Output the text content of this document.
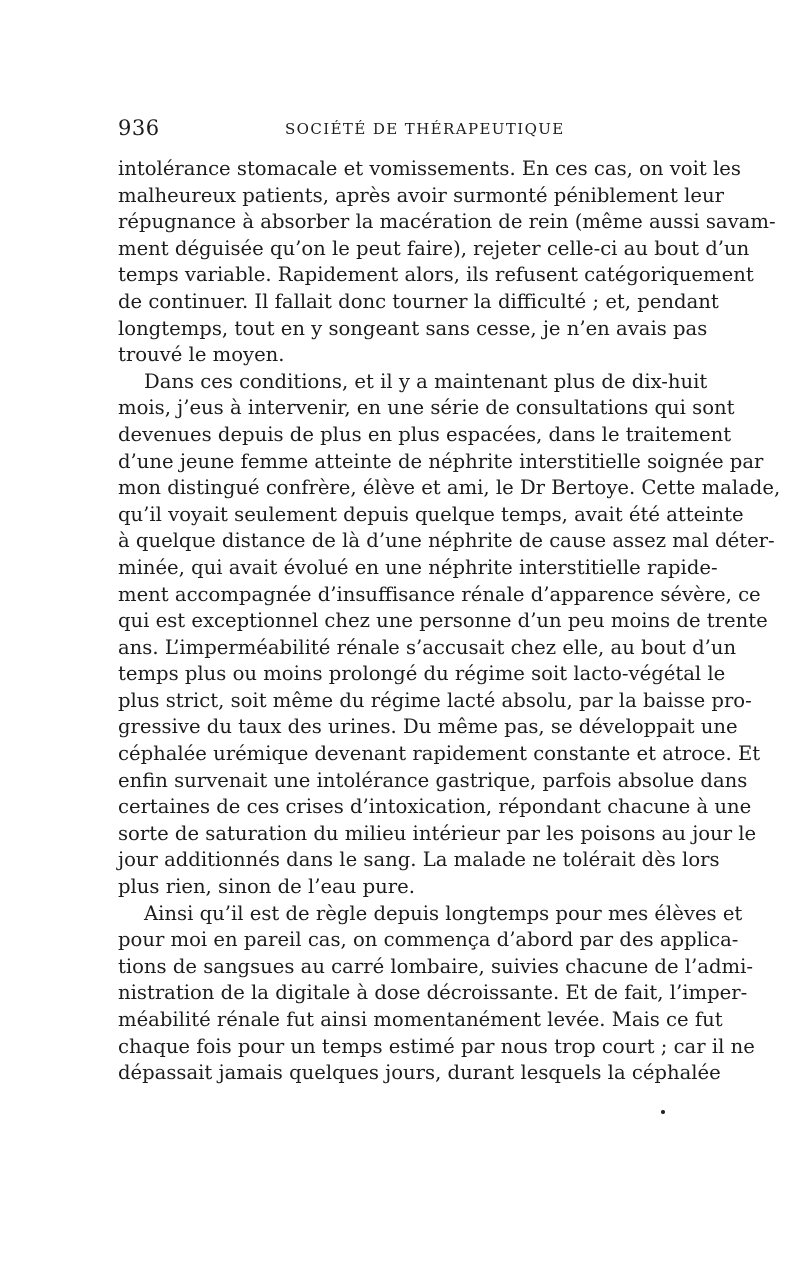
936	SOCIÉTÉ DE THÉRAPEUTIQUE
intolérance stomacale et vomissements. En ces cas, on voit les
malheureux patients, après avoir surmonté péniblement leur
répugnance à absorber la macération de rein (même aussi savam-
ment déguisée qu’on le peut faire), rejeter celle-ci au bout d’un
temps variable. Rapidement alors, ils refusent catégoriquement
de continuer. Il fallait donc tourner la difficulté ; et, pendant
longtemps, tout en y songeant sans cesse, je n’en avais pas
trouvé le moyen.
Dans ces conditions, et il y a maintenant plus de dix-huit
mois, j’eus à intervenir, en une série de consultations qui sont
devenues depuis de plus en plus espacées, dans le traitement
d’une jeune femme atteinte de néphrite interstitielle soignée par
mon distingué confrère, élève et ami, le Dr Bertoye. Cette malade,
qu’il voyait seulement depuis quelque temps, avait été atteinte
à quelque distance de là d’une néphrite de cause assez mal déter-
minée, qui avait évolué en une néphrite interstitielle rapide-
ment accompagnée d’insuffisance rénale d’apparence sévère, ce
qui est exceptionnel chez une personne d’un peu moins de trente
ans. L’imperméabilité rénale s’accusait chez elle, au bout d’un
temps plus ou moins prolongé du régime soit lacto-végétal le
plus strict, soit même du régime lacté absolu, par la baisse pro-
gressive du taux des urines. Du même pas, se développait une
céphalée urémique devenant rapidement constante et atroce. Et
enfin survenait une intolérance gastrique, parfois absolue dans
certaines de ces crises d’intoxication, répondant chacune à une
sorte de saturation du milieu intérieur par les poisons au jour le
jour additionnés dans le sang. La malade ne tolérait dès lors
plus rien, sinon de l’eau pure.
Ainsi qu’il est de règle depuis longtemps pour mes élèves et
pour moi en pareil cas, on commença d’abord par des applica-
tions de sangsues au carré lombaire, suivies chacune de l’admi-
nistration de la digitale à dose décroissante. Et de fait, l’imper-
méabilité rénale fut ainsi momentanément levée. Mais ce fut
chaque fois pour un temps estimé par nous trop court ; car il ne
dépassait jamais quelques jours, durant lesquels la céphalée
